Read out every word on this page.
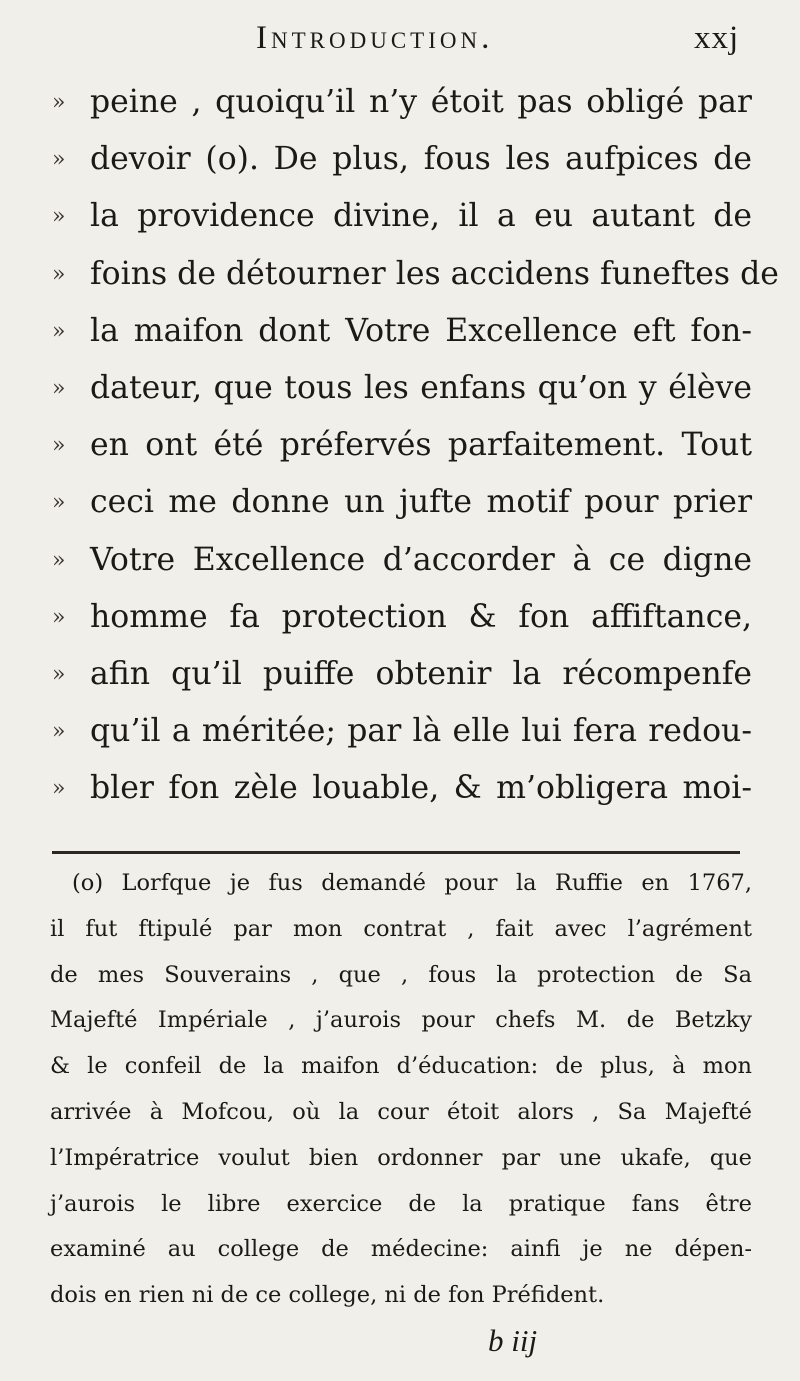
Introduction.	xxj
» peine , quoiqu’il n’y étoit pas obligé par
» devoir (o). De plus, fous les aufpices de
» la providence divine, il a eu autant de
» foins de détourner les accidens funeftes de
» la maifon dont Votre Excellence eft fon-
» dateur, que tous les enfans qu’on y élève
» en ont été préfervés parfaitement. Tout
» ceci me donne un jufte motif pour prier
» Votre Excellence d’accorder à ce digne
» homme fa protection & fon affiftance,
» afin qu’il puiffe obtenir la récompenfe
» qu’il a méritée; par là elle lui fera redou-
» bler fon zèle louable, & m’obligera moi-
(o) Lorfque je fus demandé pour la Ruffie en 1767,
il fut ftipulé par mon contrat , fait avec l’agrément
de mes Souverains , que , fous la protection de Sa
Majefté Impériale , j’aurois pour chefs M. de Betzky
& le confeil de la maifon d’éducation: de plus, à mon
arrivée à Mofcou, où la cour étoit alors , Sa Majefté
l’Impératrice voulut bien ordonner par une ukafe, que
j’aurois le libre exercice de la pratique fans être
examiné au college de médecine: ainfi je ne dépen-
dois en rien ni de ce college, ni de fon Préfident.
b iij
